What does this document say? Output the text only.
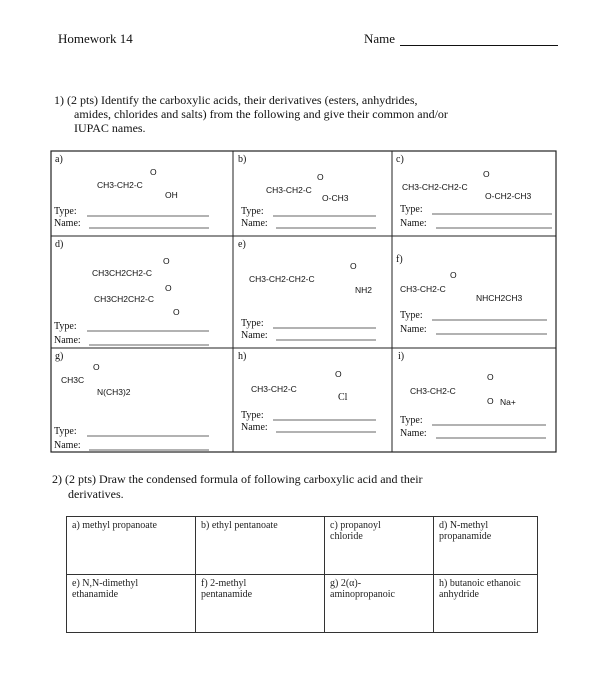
Homework 14	Name
1) (2 pts) Identify the carboxylic acids, their derivatives (esters, anhydrides,
amides, chlorides and salts) from the following and give their common and/or
IUPAC names.
a)
CH3-CH2-C
O
OH
Type:
Name:
b)
CH3-CH2-C
O
O-CH3
Type:
Name:
c)
CH3-CH2-CH2-C
O
O-CH2-CH3
Type:
Name:
d)
CH3CH2CH2-C
O
O
CH3CH2CH2-C
O
Type:
Name:
e)
CH3-CH2-CH2-C
O
NH2
Type:
Name:
f)
CH3-CH2-C
O
NHCH2CH3
Type:
Name:
g)
CH3C
O
N(CH3)2
Type:
Name:
h)
CH3-CH2-C
O
Cl
Type:
Name:
i)
CH3-CH2-C
O
O Na+
Type:
Name:
2) (2 pts) Draw the condensed formula of following carboxylic acid and their
derivatives.
a) methyl propanoate	b) ethyl pentanoate	c) propanoyl
chloride	d) N-methyl
propanamide
e) N,N-dimethyl
ethanamide	f) 2-methyl
pentanamide	g) 2(α)-
aminopropanoic	h) butanoic ethanoic
anhydride
